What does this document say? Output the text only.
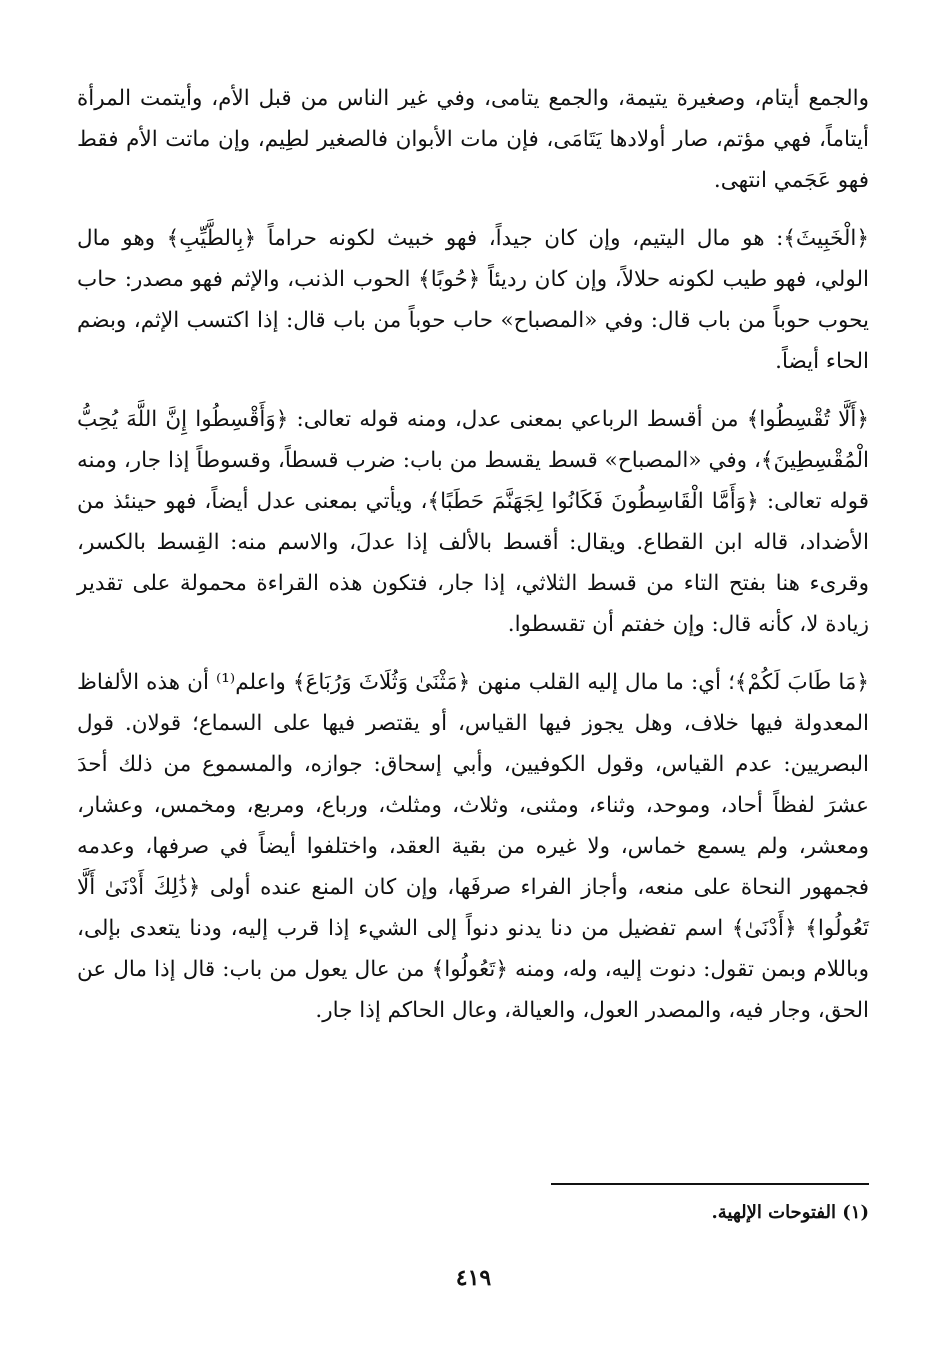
والجمع أيتام، وصغيرة يتيمة، والجمع يتامى، وفي غير الناس من قبل الأم، وأيتمت المرأة أيتاماً، فهي مؤتم، صار أولادها يَتَامَى، فإن مات الأبوان فالصغير لطِيم، وإن ماتت الأم فقط فهو عَجَمي انتهى.

﴿الْخَبِيثَ﴾: هو مال اليتيم، وإن كان جيداً، فهو خبيث لكونه حراماً ﴿بِالطَّيِّبِ﴾ وهو مال الولي، فهو طيب لكونه حلالاً، وإن كان رديئاً ﴿حُوبًا﴾ الحوب الذنب، والإثم فهو مصدر: حاب يحوب حوباً من باب قال: وفي «المصباح» حاب حوباً من باب قال: إذا اكتسب الإثم، وبضم الحاء أيضاً.

﴿أَلَّا تُقْسِطُوا﴾ من أقسط الرباعي بمعنى عدل، ومنه قوله تعالى: ﴿وَأَقْسِطُوا إِنَّ اللَّهَ يُحِبُّ الْمُقْسِطِينَ﴾، وفي «المصباح» قسط يقسط من باب: ضرب قسطاً، وقسوطاً إذا جار، ومنه قوله تعالى: ﴿وَأَمَّا الْقَاسِطُونَ فَكَانُوا لِجَهَنَّمَ حَطَبًا﴾، ويأتي بمعنى عدل أيضاً، فهو حينئذ من الأضداد، قاله ابن القطاع. ويقال: أقسط بالألف إذا عدلَ، والاسم منه: القِسط بالكسر، وقرىء هنا بفتح التاء من قسط الثلاثي، إذا جار، فتكون هذه القراءة محمولة على تقدير زيادة لا، كأنه قال: وإن خفتم أن تقسطوا.

﴿مَا طَابَ لَكُمْ﴾؛ أي: ما مال إليه القلب منهن ﴿مَثْنَىٰ وَثُلَاثَ وَرُبَاعَ﴾ واعلم⁽¹⁾ أن هذه الألفاظ المعدولة فيها خلاف، وهل يجوز فيها القياس، أو يقتصر فيها على السماع؛ قولان. قول البصريين: عدم القياس، وقول الكوفيين، وأبي إسحاق: جوازه، والمسموع من ذلك أحدَ عشرَ لفظاً أحاد، وموحد، وثناء، ومثنى، وثلاث، ومثلث، ورباع، ومربع، ومخمس، وعشار، ومعشر، ولم يسمع خماس، ولا غيره من بقية العقد، واختلفوا أيضاً في صرفها، وعدمه فجمهور النحاة على منعه، وأجاز الفراء صرفَها، وإن كان المنع عنده أولى ﴿ذَٰلِكَ أَدْنَىٰ أَلَّا تَعُولُوا﴾ ﴿أَدْنَىٰ﴾ اسم تفضيل من دنا يدنو دنواً إلى الشيء إذا قرب إليه، ودنا يتعدى بإلى، وباللام وبمن تقول: دنوت إليه، وله، ومنه ﴿تَعُولُوا﴾ من عال يعول من باب: قال إذا مال عن الحق، وجار فيه، والمصدر العول، والعيالة، وعال الحاكم إذا جار.

(١) الفتوحات الإلهية.
٤١٩
